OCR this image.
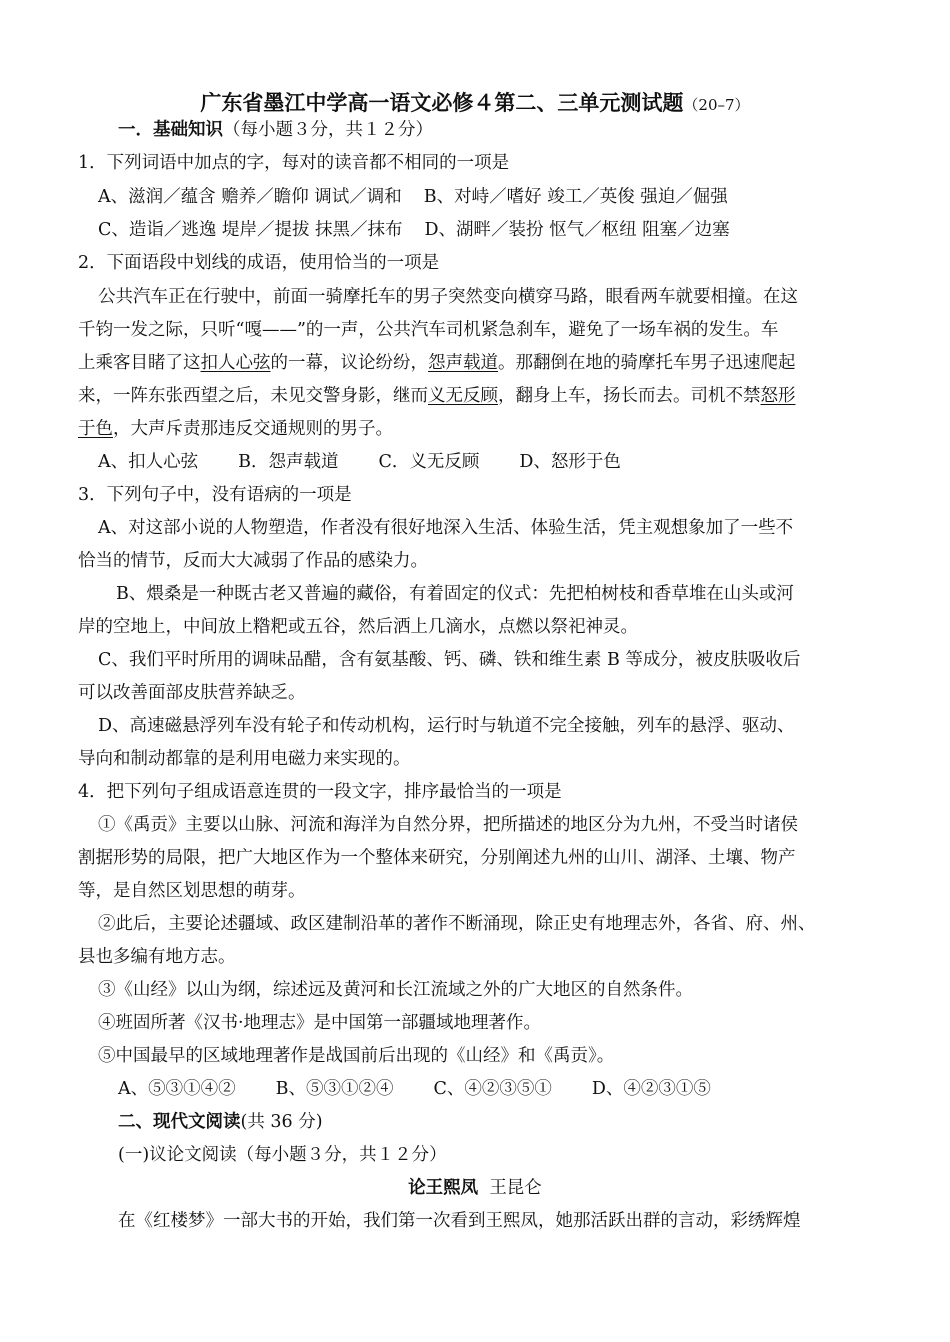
广东省墨江中学高一语文必修４第二、三单元测试题（20–7）
一．基础知识（每小题３分，共１２分）
1．下列词语中加点的字，每对的读音都不相同的一项是
A、滋润／蕴含 赡养／瞻仰 调试／调和 B、对峙／嗜好 竣工／英俊 强迫／倔强
C、造诣／逃逸 堤岸／提拔 抹黑／抹布 D、湖畔／装扮 怄气／枢纽 阻塞／边塞
2．下面语段中划线的成语，使用恰当的一项是
公共汽车正在行驶中，前面一骑摩托车的男子突然变向横穿马路，眼看两车就要相撞。在这
千钧一发之际，只听“嘎——”的一声，公共汽车司机紧急刹车，避免了一场车祸的发生。车
上乘客目睹了这扣人心弦的一幕，议论纷纷，怨声载道。那翻倒在地的骑摩托车男子迅速爬起
来，一阵东张西望之后，未见交警身影，继而义无反顾，翻身上车，扬长而去。司机不禁怒形
于色，大声斥责那违反交通规则的男子。
A、扣人心弦 B．怨声载道 C．义无反顾 D、怒形于色
3．下列句子中，没有语病的一项是
A、对这部小说的人物塑造，作者没有很好地深入生活、体验生活，凭主观想象加了一些不
恰当的情节，反而大大减弱了作品的感染力。
B、煨桑是一种既古老又普遍的藏俗，有着固定的仪式：先把柏树枝和香草堆在山头或河
岸的空地上，中间放上糌粑或五谷，然后洒上几滴水，点燃以祭祀神灵。
C、我们平时所用的调味品醋，含有氨基酸、钙、磷、铁和维生素 B 等成分，被皮肤吸收后
可以改善面部皮肤营养缺乏。
D、高速磁悬浮列车没有轮子和传动机构，运行时与轨道不完全接触，列车的悬浮、驱动、
导向和制动都靠的是利用电磁力来实现的。
4．把下列句子组成语意连贯的一段文字，排序最恰当的一项是
①《禹贡》主要以山脉、河流和海洋为自然分界，把所描述的地区分为九州，不受当时诸侯
割据形势的局限，把广大地区作为一个整体来研究，分别阐述九州的山川、湖泽、土壤、物产
等，是自然区划思想的萌芽。
②此后，主要论述疆域、政区建制沿革的著作不断涌现，除正史有地理志外，各省、府、州、
县也多编有地方志。
③《山经》以山为纲，综述远及黄河和长江流域之外的广大地区的自然条件。
④班固所著《汉书·地理志》是中国第一部疆域地理著作。
⑤中国最早的区域地理著作是战国前后出现的《山经》和《禹贡》。
A、⑤③①④② B、⑤③①②④ C、④②③⑤① D、④②③①⑤
二、现代文阅读(共 36 分)
(一)议论文阅读（每小题３分，共１２分）
论王熙凤 王昆仑
在《红楼梦》一部大书的开始，我们第一次看到王熙凤，她那活跃出群的言动，彩绣辉煌
